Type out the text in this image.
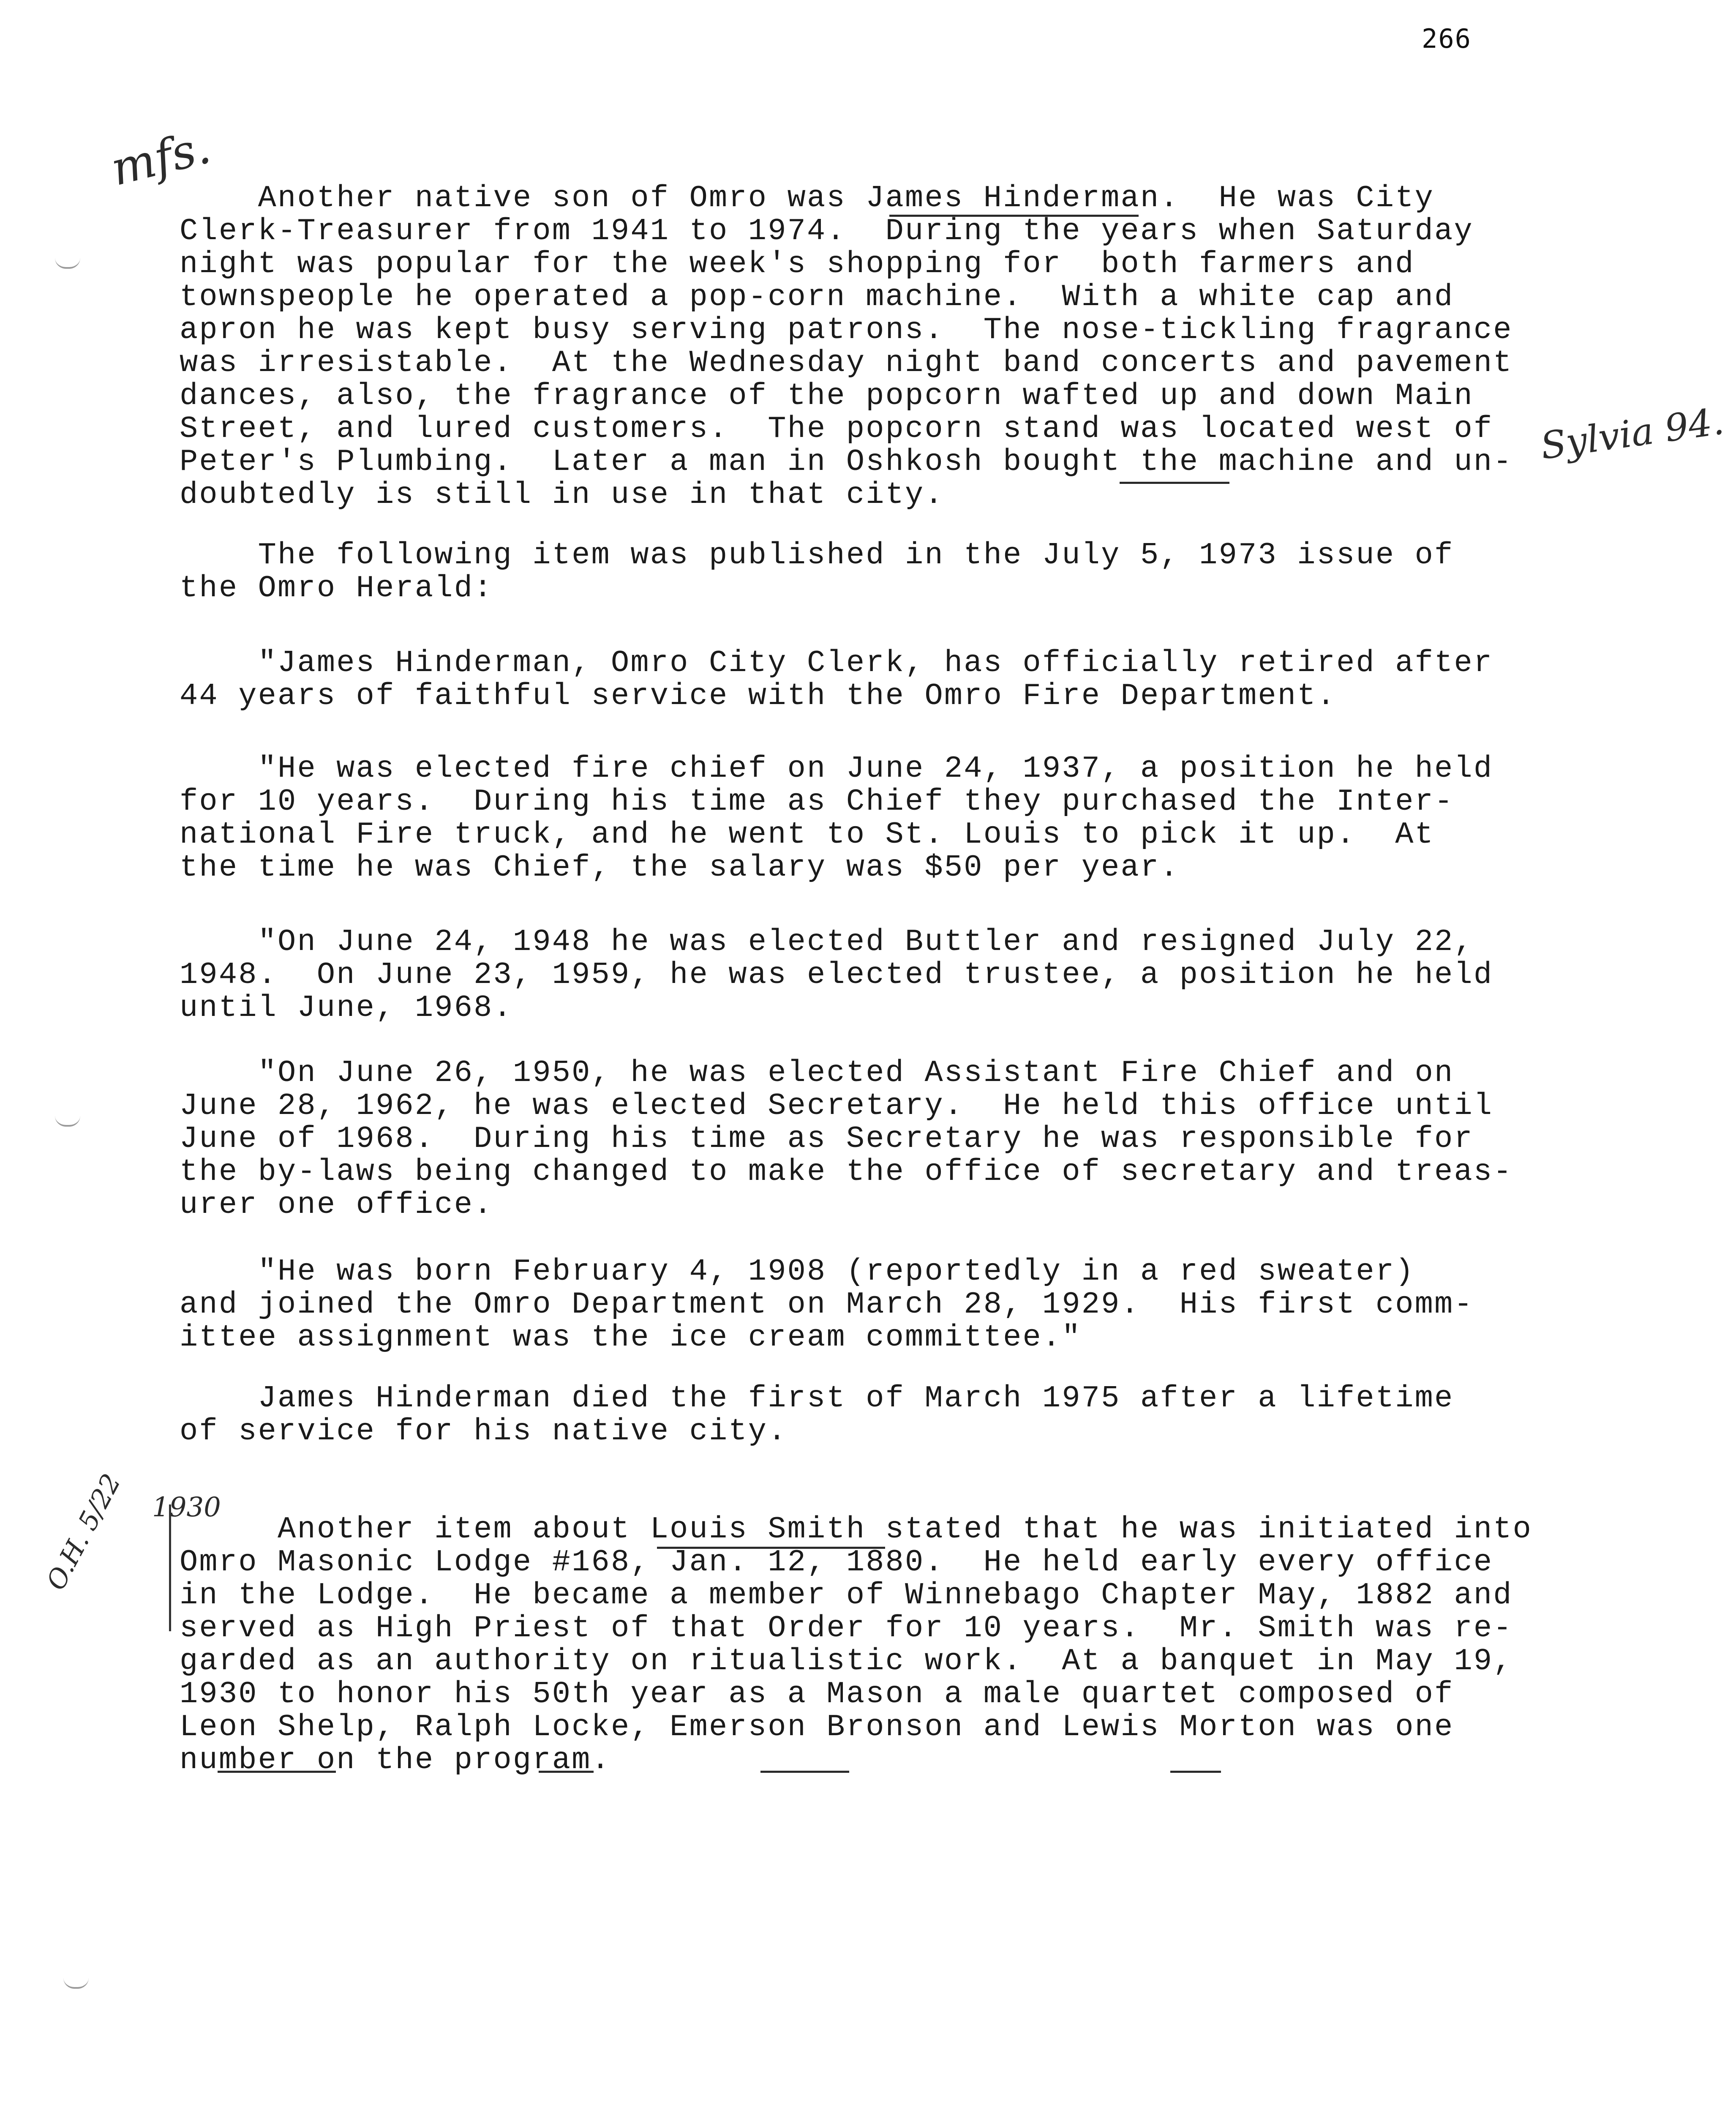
266
mfs.
Sylvia 94.
O.H. 5/22 1930
Another native son of Omro was James Hinderman.  He was City
Clerk-Treasurer from 1941 to 1974.  During the years when Saturday
night was popular for the week's shopping for  both farmers and
townspeople he operated a pop-corn machine.  With a white cap and
apron he was kept busy serving patrons.  The nose-tickling fragrance
was irresistable.  At the Wednesday night band concerts and pavement
dances, also, the fragrance of the popcorn wafted up and down Main
Street, and lured customers.  The popcorn stand was located west of
Peter's Plumbing.  Later a man in Oshkosh bought the machine and un-
doubtedly is still in use in that city.
The following item was published in the July 5, 1973 issue of
the Omro Herald:
"James Hinderman, Omro City Clerk, has officially retired after
44 years of faithful service with the Omro Fire Department.
"He was elected fire chief on June 24, 1937, a position he held
for 10 years.  During his time as Chief they purchased the Inter-
national Fire truck, and he went to St. Louis to pick it up.  At
the time he was Chief, the salary was $50 per year.
"On June 24, 1948 he was elected Buttler and resigned July 22,
1948.  On June 23, 1959, he was elected trustee, a position he held
until June, 1968.
"On June 26, 1950, he was elected Assistant Fire Chief and on
June 28, 1962, he was elected Secretary.  He held this office until
June of 1968.  During his time as Secretary he was responsible for
the by-laws being changed to make the office of secretary and treas-
urer one office.
"He was born February 4, 1908 (reportedly in a red sweater)
and joined the Omro Department on March 28, 1929.  His first comm-
ittee assignment was the ice cream committee."
James Hinderman died the first of March 1975 after a lifetime
of service for his native city.
Another item about Louis Smith stated that he was initiated into
Omro Masonic Lodge #168, Jan. 12, 1880.  He held early every office
in the Lodge.  He became a member of Winnebago Chapter May, 1882 and
served as High Priest of that Order for 10 years.  Mr. Smith was re-
garded as an authority on ritualistic work.  At a banquet in May 19,
1930 to honor his 50th year as a Mason a male quartet composed of
Leon Shelp, Ralph Locke, Emerson Bronson and Lewis Morton was one
number on the program.
